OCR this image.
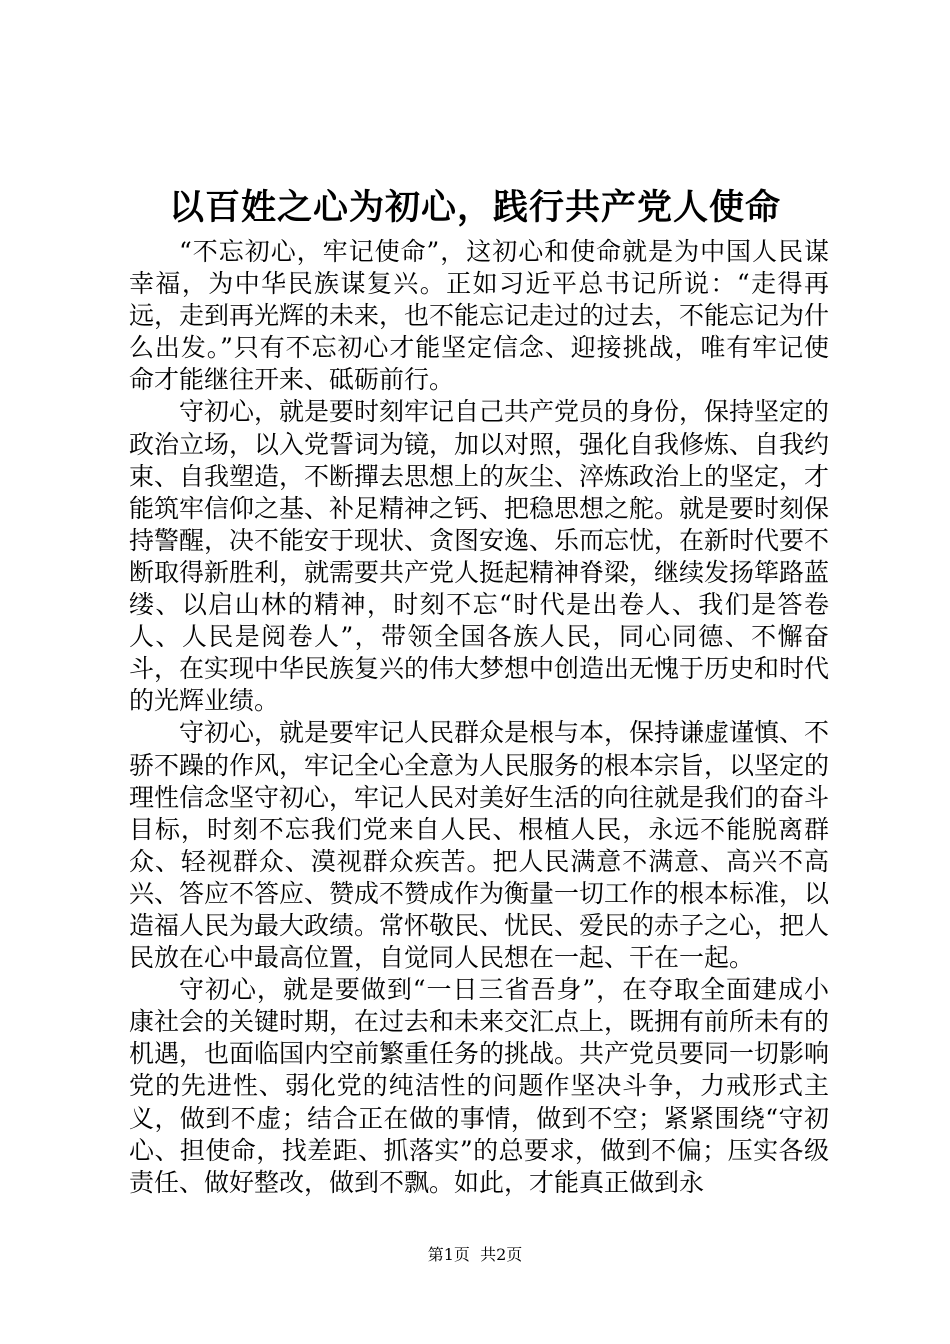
以百姓之心为初心，践行共产党人使命

“不忘初心，牢记使命”，这初心和使命就是为中国人民谋幸福，为中华民族谋复兴。正如习近平总书记所说：“走得再远，走到再光辉的未来，也不能忘记走过的过去，不能忘记为什么出发。”只有不忘初心才能坚定信念、迎接挑战，唯有牢记使命才能继往开来、砥砺前行。

守初心，就是要时刻牢记自己共产党员的身份，保持坚定的政治立场，以入党誓词为镜，加以对照，强化自我修炼、自我约束、自我塑造，不断撣去思想上的灰尘、淬炼政治上的坚定，才能筑牢信仰之基、补足精神之钙、把稳思想之舵。就是要时刻保持警醒，决不能安于现状、贪图安逸、乐而忘忧，在新时代要不断取得新胜利，就需要共产党人挺起精神脊梁，继续发扬筚路蓝缕、以启山林的精神，时刻不忘“时代是出卷人、我们是答卷人、人民是阅卷人”，带领全国各族人民，同心同德、不懈奋斗，在实现中华民族复兴的伟大梦想中创造出无愧于历史和时代的光辉业绩。

守初心，就是要牢记人民群众是根与本，保持谦虚谨慎、不骄不躁的作风，牢记全心全意为人民服务的根本宗旨，以坚定的理性信念坚守初心，牢记人民对美好生活的向往就是我们的奋斗目标，时刻不忘我们党来自人民、根植人民，永远不能脱离群众、轻视群众、漠视群众疾苦。把人民满意不满意、高兴不高兴、答应不答应、赞成不赞成作为衡量一切工作的根本标准，以造福人民为最大政绩。常怀敬民、忧民、爱民的赤子之心，把人民放在心中最高位置，自觉同人民想在一起、干在一起。

守初心，就是要做到“一日三省吾身”，在夺取全面建成小康社会的关键时期，在过去和未来交汇点上，既拥有前所未有的机遇，也面临国内空前繁重任务的挑战。共产党员要同一切影响党的先进性、弱化党的纯洁性的问题作坚决斗争，力戒形式主义，做到不虚；结合正在做的事情，做到不空；紧紧围绕“守初心、担使命，找差距、抓落实”的总要求，做到不偏；压实各级责任、做好整改，做到不飘。如此，才能真正做到永

第1页 共2页
